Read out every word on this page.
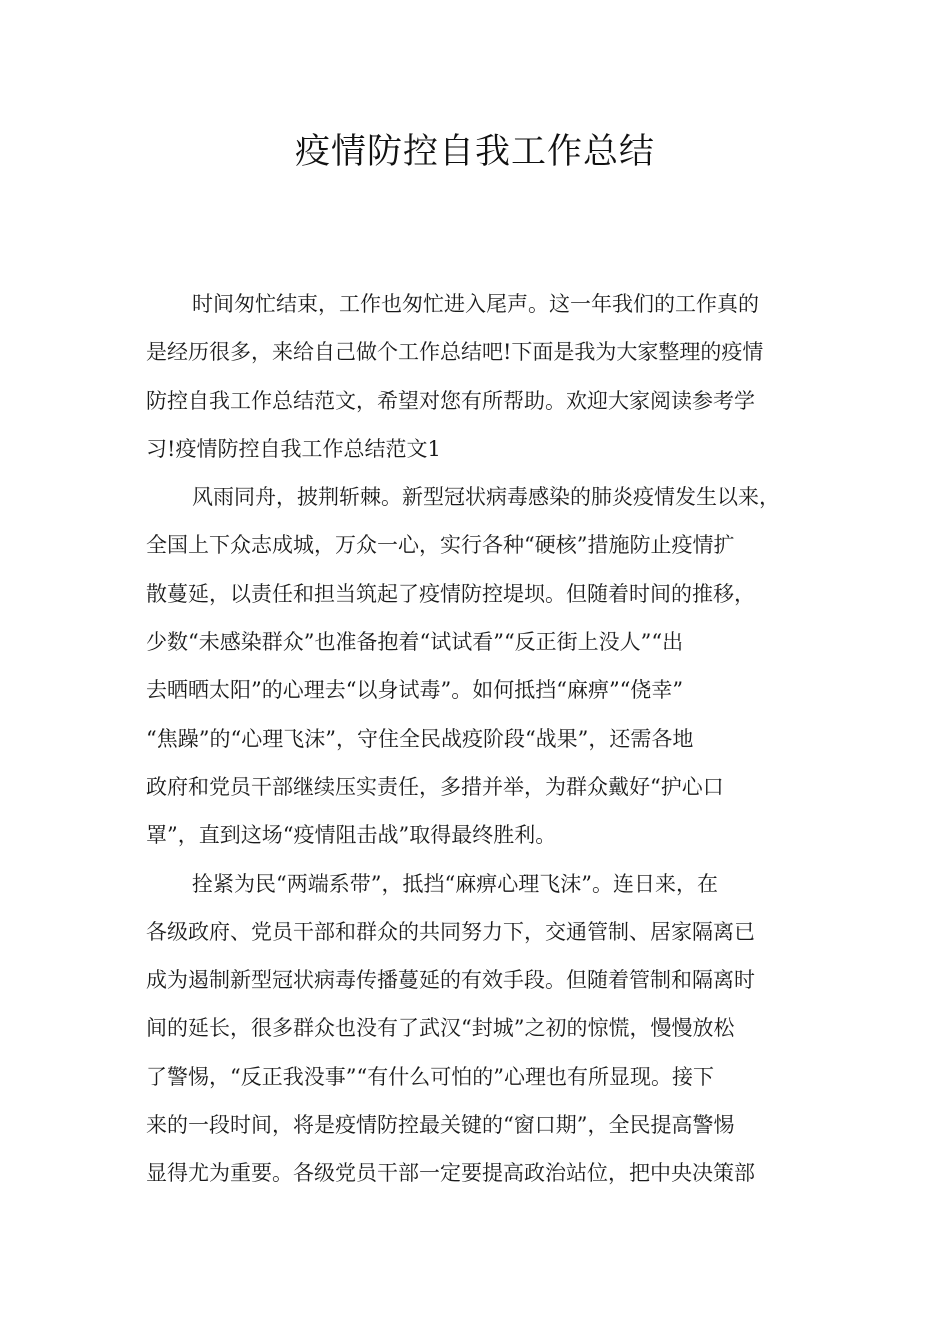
疫情防控自我工作总结
时间匆忙结束，工作也匆忙进入尾声。这一年我们的工作真的
是经历很多，来给自己做个工作总结吧!下面是我为大家整理的疫情
防控自我工作总结范文，希望对您有所帮助。欢迎大家阅读参考学
习!疫情防控自我工作总结范文1
风雨同舟，披荆斩棘。新型冠状病毒感染的肺炎疫情发生以来，
全国上下众志成城，万众一心，实行各种“硬核”措施防止疫情扩
散蔓延，以责任和担当筑起了疫情防控堤坝。但随着时间的推移，
少数“未感染群众”也准备抱着“试试看”“反正街上没人”“出
去晒晒太阳”的心理去“以身试毒”。如何抵挡“麻痹”“侥幸”
“焦躁”的“心理飞沫”，守住全民战疫阶段“战果”，还需各地
政府和党员干部继续压实责任，多措并举，为群众戴好“护心口
罩”，直到这场“疫情阻击战”取得最终胜利。
拴紧为民“两端系带”，抵挡“麻痹心理飞沫”。连日来，在
各级政府、党员干部和群众的共同努力下，交通管制、居家隔离已
成为遏制新型冠状病毒传播蔓延的有效手段。但随着管制和隔离时
间的延长，很多群众也没有了武汉“封城”之初的惊慌，慢慢放松
了警惕，“反正我没事”“有什么可怕的”心理也有所显现。接下
来的一段时间，将是疫情防控最关键的“窗口期”，全民提高警惕
显得尤为重要。各级党员干部一定要提高政治站位，把中央决策部
